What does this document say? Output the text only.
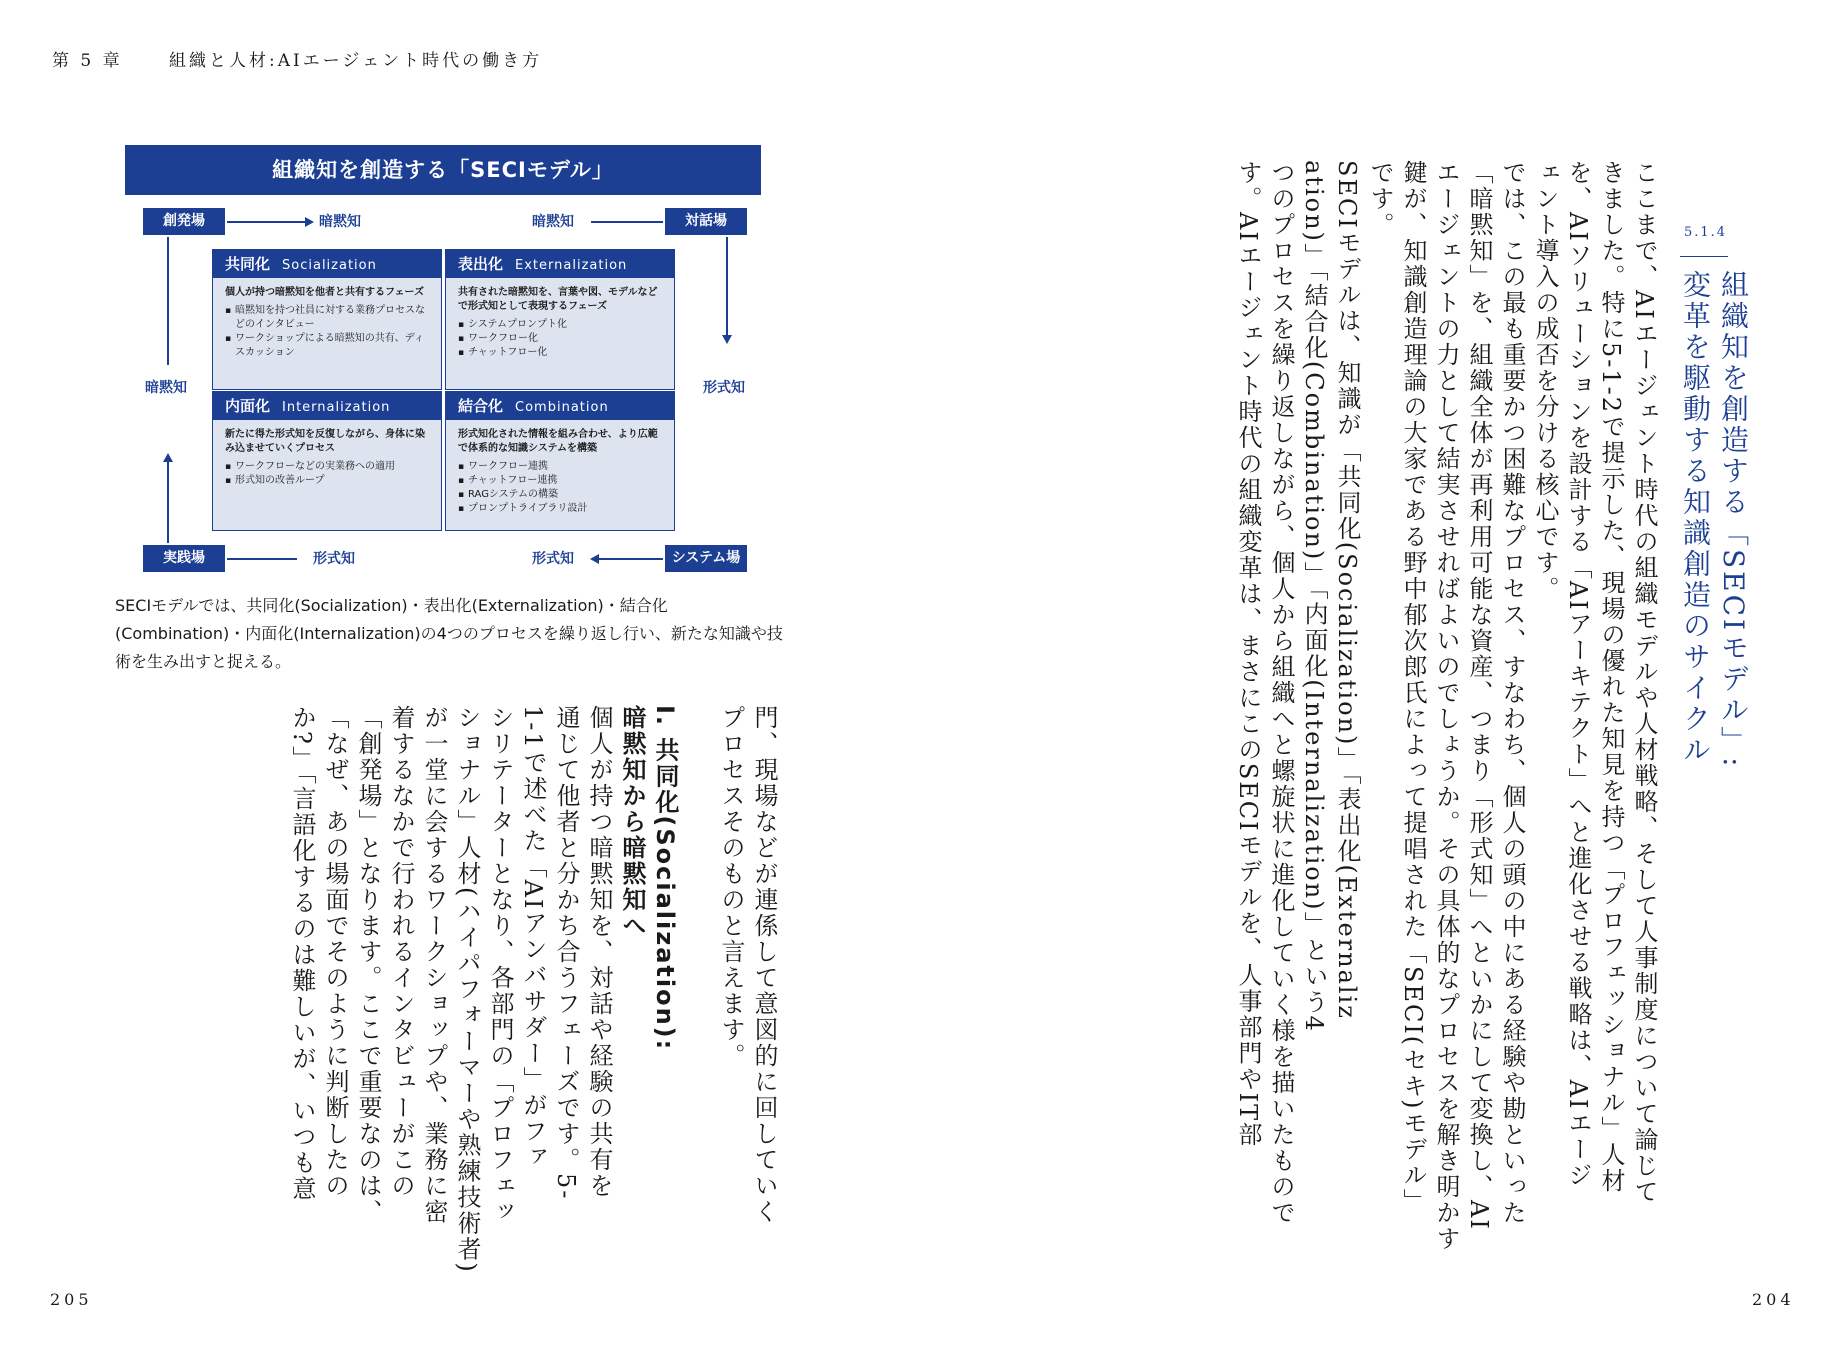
第 5 章	組織と人材:AIエージェント時代の働き方
組織知を創造する「SECIモデル」
創発場	対話場
実践場	システム場
暗黙知	暗黙知
形式知
暗黙知
形式知	形式知
共同化 Socialization
個人が持つ暗黙知を他者と共有するフェーズ
▪ 暗黙知を持つ社員に対する業務プロセスなどのインタビュー
▪ ワークショップによる暗黙知の共有、ディスカッション
表出化 Externalization
共有された暗黙知を、言葉や図、モデルなどで形式知として表現するフェーズ
▪ システムプロンプト化
▪ ワークフロー化
▪ チャットフロー化
内面化 Internalization
新たに得た形式知を反復しながら、身体に染み込ませていくプロセス
▪ ワークフローなどの実業務への適用
▪ 形式知の改善ループ
結合化 Combination
形式知化された情報を組み合わせ、より広範で体系的な知識システムを構築
▪ ワークフロー連携
▪ チャットフロー連携
▪ RAGシステムの構築
▪ プロンプトライブラリ設計
SECIモデルでは、共同化(Socialization)・表出化(Externalization)・結合化(Combination)・内面化(Internalization)の4つのプロセスを繰り返し行い、新たな知識や技術を生み出すと捉える。
門、現場などが連係して意図的に回していく
プロセスそのものと言えます。

I. 共同化(Socialization):
暗黙知から暗黙知へ
個人が持つ暗黙知を、対話や経験の共有を
通じて他者と分かち合うフェーズです。5-
1-1で述べた「AIアンバサダー」がファ
シリテーターとなり、各部門の「プロフェッ
ショナル」人材(ハイパフォーマーや熟練技術者)
が一堂に会するワークショップや、業務に密
着するなかで行われるインタビューがこの
「創発場」となります。ここで重要なのは、
「なぜ、あの場面でそのように判断したの
か?」「言語化するのは難しいが、いつも意
5.1.4
組織知を創造する「SECIモデル」:
変革を駆動する知識創造のサイクル
ここまで、AIエージェント時代の組織モデルや人材戦略、そして人事制度について論じて
きました。特に5-1-2で提示した、現場の優れた知見を持つ「プロフェッショナル」人材
を、AIソリューションを設計する「AIアーキテクト」へと進化させる戦略は、AIエージ
ェント導入の成否を分ける核心です。
では、この最も重要かつ困難なプロセス、すなわち、個人の頭の中にある経験や勘といった
「暗黙知」を、組織全体が再利用可能な資産、つまり「形式知」へといかにして変換し、AI
エージェントの力として結実させればよいのでしょうか。その具体的なプロセスを解き明かす
鍵が、知識創造理論の大家である野中郁次郎氏によって提唱された「SECI(セキ)モデル」
です。
SECIモデルは、知識が「共同化(Socialization)」「表出化(Externaliz
ation)」「結合化(Combination)」「内面化(Internalization)」という4
つのプロセスを繰り返しながら、個人から組織へと螺旋状に進化していく様を描いたもので
す。AIエージェント時代の組織変革は、まさにこのSECIモデルを、人事部門やIT部
205	204
